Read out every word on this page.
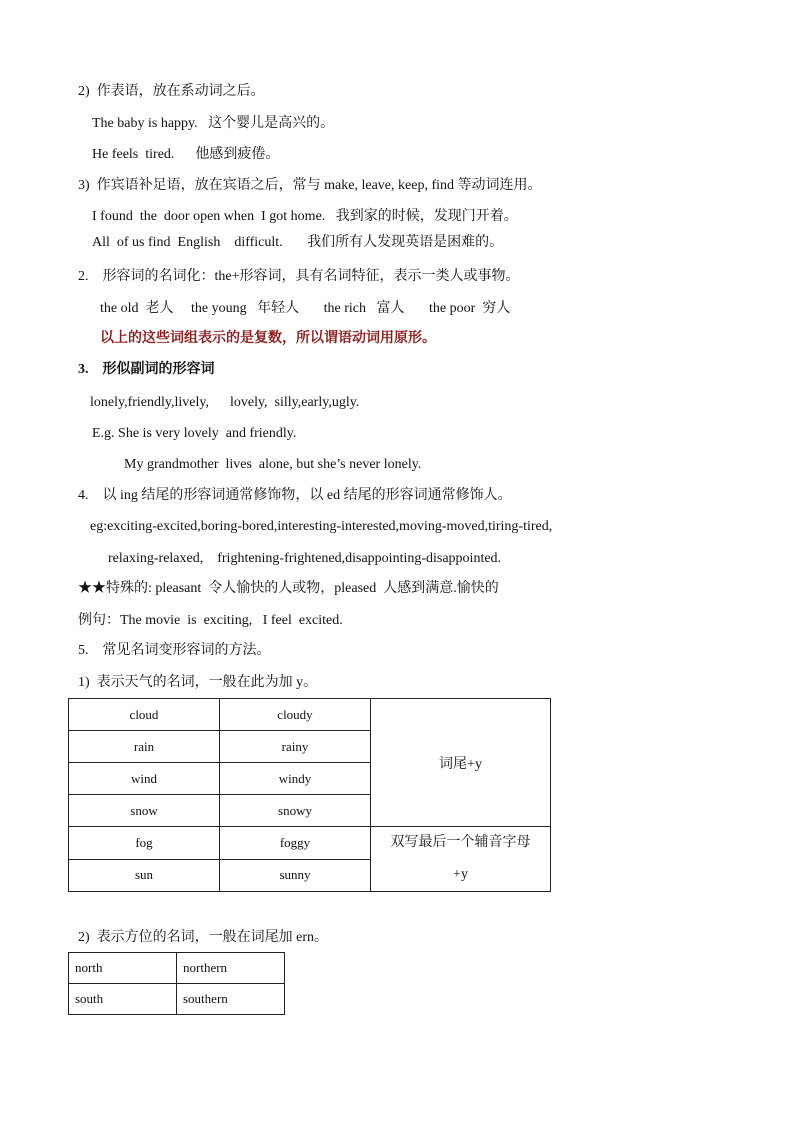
2)  作表语，放在系动词之后。
The baby is happy.   这个婴儿是高兴的。
He feels  tired.      他感到疲倦。
3)  作宾语补足语，放在宾语之后，常与 make, leave, keep, find 等动词连用。
I found  the  door open when  I got home.   我到家的时候，发现门开着。
All  of us find  English    difficult.       我们所有人发现英语是困难的。
2.    形容词的名词化：the+形容词，具有名词特征，表示一类人或事物。
the old  老人     the young   年轻人       the rich   富人       the poor  穷人
以上的这些词组表示的是复数，所以谓语动词用原形。
3.    形似副词的形容词
lonely,friendly,lively,      lovely,  silly,early,ugly.
E.g. She is very lovely  and friendly.
My grandmother  lives  alone, but she’s never lonely.
4.    以 ing 结尾的形容词通常修饰物，以 ed 结尾的形容词通常修饰人。
eg:exciting-excited,boring-bored,interesting-interested,moving-moved,tiring-tired,
relaxing-relaxed,    frightening-frightened,disappointing-disappointed.
★★特殊的: pleasant  令人愉快的人或物，pleased  人感到满意.愉快的
例句：The movie  is  exciting,   I feel  excited.
5.    常见名词变形容词的方法。
1)  表示天气的名词，一般在此为加 y。
cloud	cloudy	词尾+y
rain	rainy	
wind	windy	
snow	snowy	
fog	foggy	双写最后一个辅音字母
+y

sun	sunny	
2)  表示方位的名词，一般在词尾加 ern。
north	northern
south	southern
